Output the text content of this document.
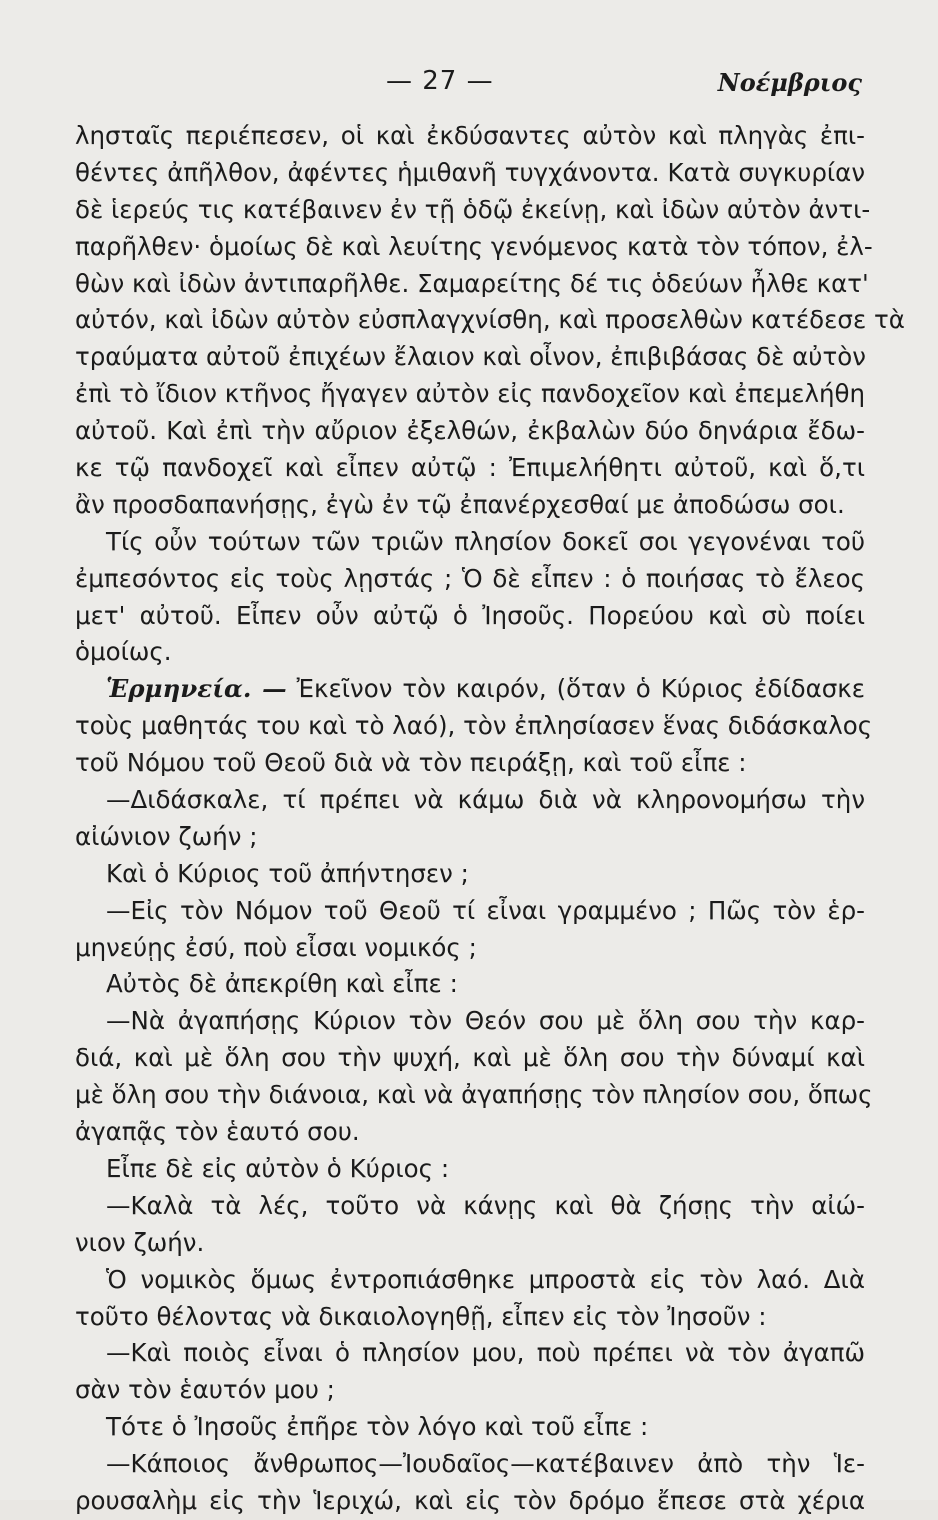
— 27 —	Νοέμβριος
λησταῖς περιέπεσεν, οἱ καὶ ἐκδύσαντες αὐτὸν καὶ πληγὰς ἐπι-
θέντες ἀπῆλθον, ἀφέντες ἡμιθανῆ τυγχάνοντα. Κατὰ συγκυρίαν
δὲ ἱερεύς τις κατέβαινεν ἐν τῇ ὁδῷ ἐκείνῃ, καὶ ἰδὼν αὐτὸν ἀντι-
παρῆλθεν· ὁμοίως δὲ καὶ λευίτης γενόμενος κατὰ τὸν τόπον, ἐλ-
θὼν καὶ ἰδὼν ἀντιπαρῆλθε. Σαμαρείτης δέ τις ὁδεύων ἦλθε κατ'
αὐτόν, καὶ ἰδὼν αὐτὸν εὐσπλαγχνίσθη, καὶ προσελθὼν κατέδεσε τὰ
τραύματα αὐτοῦ ἐπιχέων ἔλαιον καὶ οἶνον, ἐπιβιβάσας δὲ αὐτὸν
ἐπὶ τὸ ἴδιον κτῆνος ἤγαγεν αὐτὸν εἰς πανδοχεῖον καὶ ἐπεμελήθη
αὐτοῦ. Καὶ ἐπὶ τὴν αὔριον ἐξελθών, ἐκβαλὼν δύο δηνάρια ἔδω-
κε τῷ πανδοχεῖ καὶ εἶπεν αὐτῷ : Ἐπιμελήθητι αὐτοῦ, καὶ ὅ,τι
ἂν προσδαπανήσῃς, ἐγὼ ἐν τῷ ἐπανέρχεσθαί με ἀποδώσω σοι.
Τίς οὖν τούτων τῶν τριῶν πλησίον δοκεῖ σοι γεγονέναι τοῦ
ἐμπεσόντος εἰς τοὺς λῃστάς ; Ὁ δὲ εἶπεν : ὁ ποιήσας τὸ ἔλεος
μετ' αὐτοῦ. Εἶπεν οὖν αὐτῷ ὁ Ἰησοῦς. Πορεύου καὶ σὺ ποίει
ὁμοίως.
Ἑρμηνεία. — Ἐκεῖνον τὸν καιρόν, (ὅταν ὁ Κύριος ἐδίδασκε
τοὺς μαθητάς του καὶ τὸ λαό), τὸν ἐπλησίασεν ἕνας διδάσκαλος
τοῦ Νόμου τοῦ Θεοῦ διὰ νὰ τὸν πειράξῃ, καὶ τοῦ εἶπε :
—Διδάσκαλε, τί πρέπει νὰ κάμω διὰ νὰ κληρονομήσω τὴν
αἰώνιον ζωήν ;
Καὶ ὁ Κύριος τοῦ ἀπήντησεν ;
—Εἰς τὸν Νόμον τοῦ Θεοῦ τί εἶναι γραμμένο ; Πῶς τὸν ἑρ-
μηνεύῃς ἐσύ, ποὺ εἶσαι νομικός ;
Αὐτὸς δὲ ἀπεκρίθη καὶ εἶπε :
—Νὰ ἀγαπήσῃς Κύριον τὸν Θεόν σου μὲ ὅλη σου τὴν καρ-
διά, καὶ μὲ ὅλη σου τὴν ψυχή, καὶ μὲ ὅλη σου τὴν δύναμί καὶ
μὲ ὅλη σου τὴν διάνοια, καὶ νὰ ἀγαπήσῃς τὸν πλησίον σου, ὅπως
ἀγαπᾷς τὸν ἑαυτό σου.
Εἶπε δὲ εἰς αὐτὸν ὁ Κύριος :
—Καλὰ τὰ λές, τοῦτο νὰ κάνῃς καὶ θὰ ζήσῃς τὴν αἰώ-
νιον ζωήν.
Ὁ νομικὸς ὅμως ἐντροπιάσθηκε μπροστὰ εἰς τὸν λαό. Διὰ
τοῦτο θέλοντας νὰ δικαιολογηθῇ, εἶπεν εἰς τὸν Ἰησοῦν :
—Καὶ ποιὸς εἶναι ὁ πλησίον μου, ποὺ πρέπει νὰ τὸν ἀγαπῶ
σὰν τὸν ἑαυτόν μου ;
Τότε ὁ Ἰησοῦς ἐπῆρε τὸν λόγο καὶ τοῦ εἶπε :
—Κάποιος ἄνθρωπος—Ἰουδαῖος—κατέβαινεν ἀπὸ τὴν Ἱε-
ρουσαλὴμ εἰς τὴν Ἱεριχώ, καὶ εἰς τὸν δρόμο ἔπεσε στὰ χέρια
